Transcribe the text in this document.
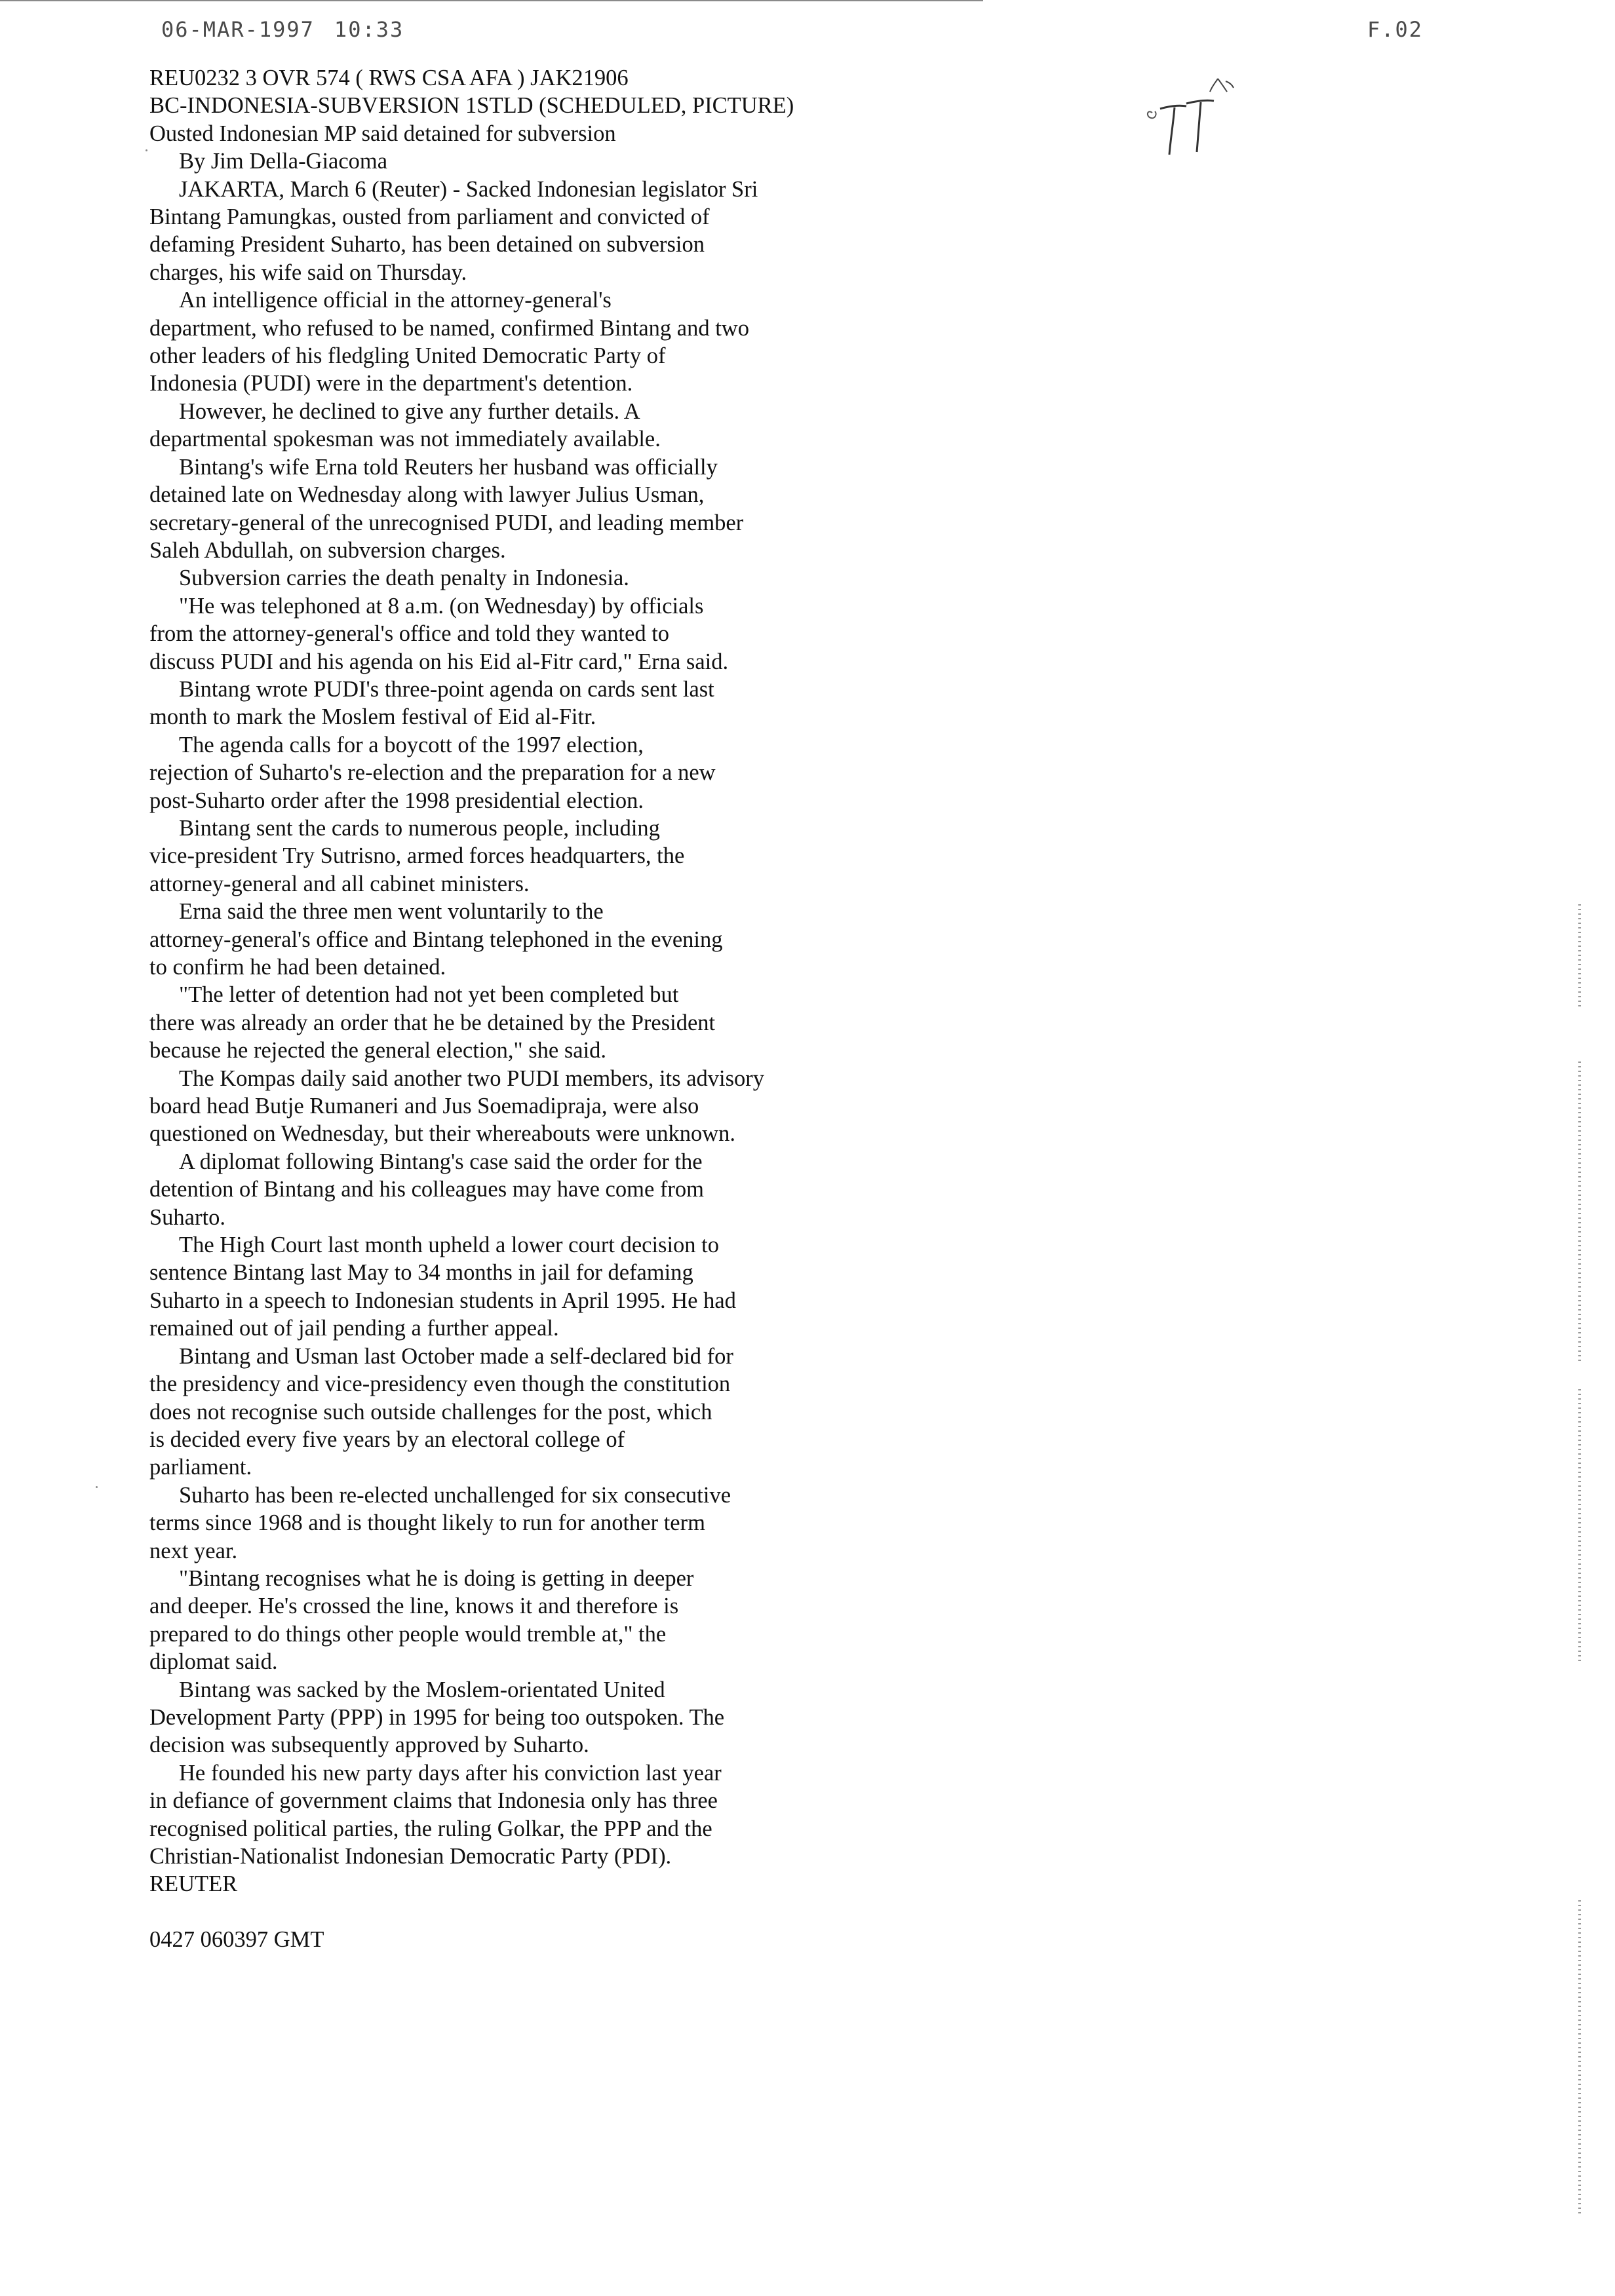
06-MAR-1997 10:33	F.02
REU0232 3 OVR 574 ( RWS CSA AFA ) JAK21906
BC-INDONESIA-SUBVERSION 1STLD (SCHEDULED, PICTURE)
Ousted Indonesian MP said detained for subversion
By Jim Della-Giacoma
JAKARTA, March 6 (Reuter) - Sacked Indonesian legislator Sri
Bintang Pamungkas, ousted from parliament and convicted of
defaming President Suharto, has been detained on subversion
charges, his wife said on Thursday.
An intelligence official in the attorney-general's
department, who refused to be named, confirmed Bintang and two
other leaders of his fledgling United Democratic Party of
Indonesia (PUDI) were in the department's detention.
However, he declined to give any further details. A
departmental spokesman was not immediately available.
Bintang's wife Erna told Reuters her husband was officially
detained late on Wednesday along with lawyer Julius Usman,
secretary-general of the unrecognised PUDI, and leading member
Saleh Abdullah, on subversion charges.
Subversion carries the death penalty in Indonesia.
"He was telephoned at 8 a.m. (on Wednesday) by officials
from the attorney-general's office and told they wanted to
discuss PUDI and his agenda on his Eid al-Fitr card," Erna said.
Bintang wrote PUDI's three-point agenda on cards sent last
month to mark the Moslem festival of Eid al-Fitr.
The agenda calls for a boycott of the 1997 election,
rejection of Suharto's re-election and the preparation for a new
post-Suharto order after the 1998 presidential election.
Bintang sent the cards to numerous people, including
vice-president Try Sutrisno, armed forces headquarters, the
attorney-general and all cabinet ministers.
Erna said the three men went voluntarily to the
attorney-general's office and Bintang telephoned in the evening
to confirm he had been detained.
"The letter of detention had not yet been completed but
there was already an order that he be detained by the President
because he rejected the general election," she said.
The Kompas daily said another two PUDI members, its advisory
board head Butje Rumaneri and Jus Soemadipraja, were also
questioned on Wednesday, but their whereabouts were unknown.
A diplomat following Bintang's case said the order for the
detention of Bintang and his colleagues may have come from
Suharto.
The High Court last month upheld a lower court decision to
sentence Bintang last May to 34 months in jail for defaming
Suharto in a speech to Indonesian students in April 1995. He had
remained out of jail pending a further appeal.
Bintang and Usman last October made a self-declared bid for
the presidency and vice-presidency even though the constitution
does not recognise such outside challenges for the post, which
is decided every five years by an electoral college of
parliament.
Suharto has been re-elected unchallenged for six consecutive
terms since 1968 and is thought likely to run for another term
next year.
"Bintang recognises what he is doing is getting in deeper
and deeper. He's crossed the line, knows it and therefore is
prepared to do things other people would tremble at," the
diplomat said.
Bintang was sacked by the Moslem-orientated United
Development Party (PPP) in 1995 for being too outspoken. The
decision was subsequently approved by Suharto.
He founded his new party days after his conviction last year
in defiance of government claims that Indonesia only has three
recognised political parties, the ruling Golkar, the PPP and the
Christian-Nationalist Indonesian Democratic Party (PDI).
REUTER
0427 060397 GMT
